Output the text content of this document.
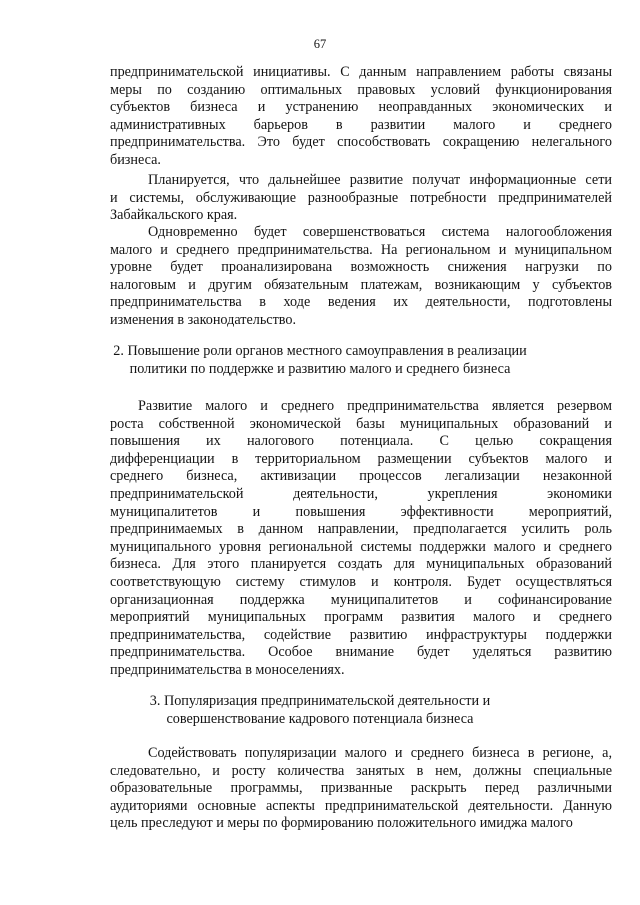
67
предпринимательской инициативы. С данным направлением работы связаны
меры по созданию оптимальных правовых условий функционирования
субъектов бизнеса и устранению неоправданных экономических и
административных барьеров в развитии малого и среднего
предпринимательства. Это будет способствовать сокращению нелегального
бизнеса.
Планируется, что дальнейшее развитие получат информационные сети
и системы, обслуживающие разнообразные потребности предпринимателей
Забайкальского края.
Одновременно будет совершенствоваться система налогообложения
малого и среднего предпринимательства. На региональном и муниципальном
уровне будет проанализирована возможность снижения нагрузки по
налоговым и другим обязательным платежам, возникающим у субъектов
предпринимательства в ходе ведения их деятельности, подготовлены
изменения в законодательство.
2. Повышение роли органов местного самоуправления в реализации
политики по поддержке и развитию малого и среднего бизнеса
Развитие малого и среднего предпринимательства является резервом
роста собственной экономической базы муниципальных образований и
повышения их налогового потенциала. С целью сокращения
дифференциации в территориальном размещении субъектов малого и
среднего бизнеса, активизации процессов легализации незаконной
предпринимательской деятельности, укрепления экономики
муниципалитетов и повышения эффективности мероприятий,
предпринимаемых в данном направлении, предполагается усилить роль
муниципального уровня региональной системы поддержки малого и среднего
бизнеса. Для этого планируется создать для муниципальных образований
соответствующую систему стимулов и контроля. Будет осуществляться
организационная поддержка муниципалитетов и софинансирование
мероприятий муниципальных программ развития малого и среднего
предпринимательства, содействие развитию инфраструктуры поддержки
предпринимательства. Особое внимание будет уделяться развитию
предпринимательства в моноcелениях.
3. Популяризация предпринимательской деятельности и
совершенствование кадрового потенциала бизнеса
Содействовать популяризации малого и среднего бизнеса в регионе, а,
следовательно, и росту количества занятых в нем, должны специальные
образовательные программы, призванные раскрыть перед различными
аудиториями основные аспекты предпринимательской деятельности. Данную
цель преследуют и меры по формированию положительного имиджа малого
